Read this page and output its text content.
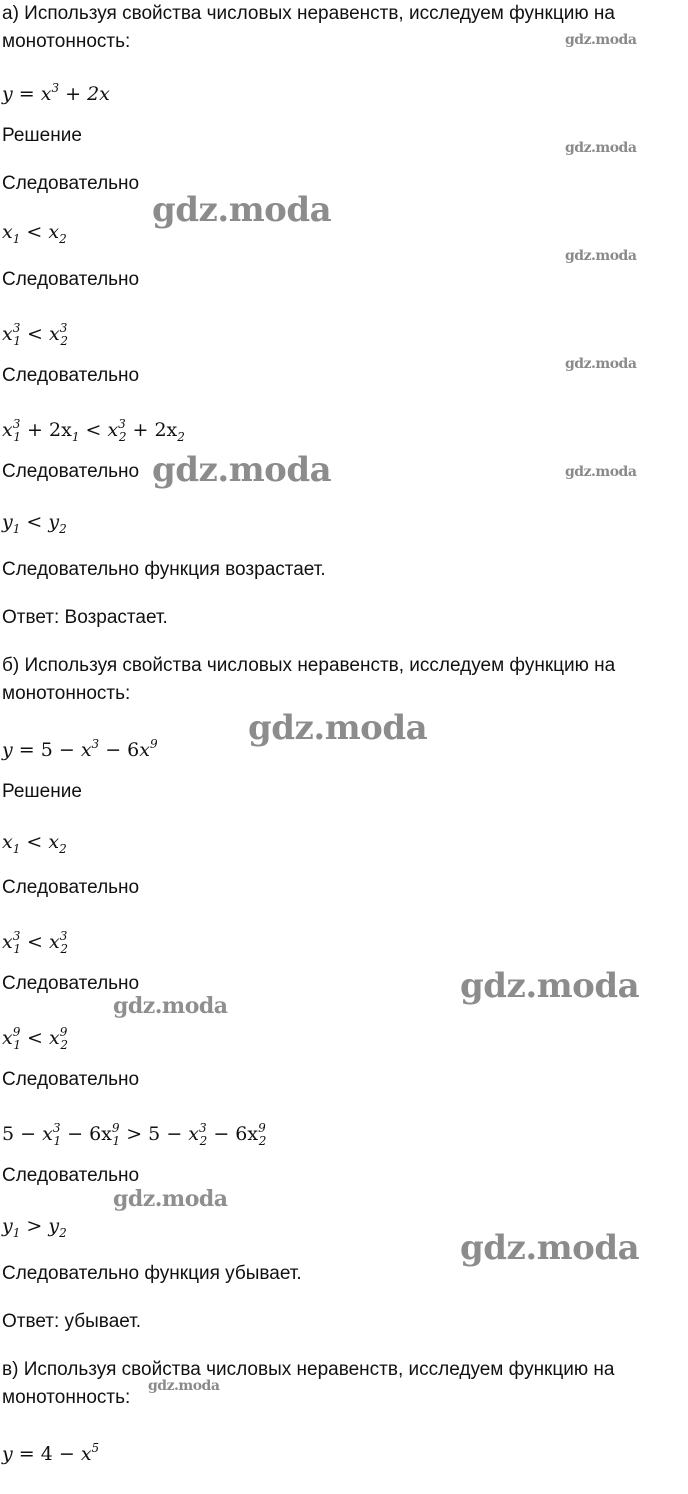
а) Используя свойства числовых неравенств, исследуем функцию на
монотонность:
$y = x^3 + 2x$
Решение
Следовательно
$x_1 < x_2$
Следовательно
$x^3_1 < x^3_2$
Следовательно
$x^3_1 + 2x_1 < x^3_2 + 2x_2$
Следовательно
$y_1 < y_2$
Следовательно функция возрастает.
Ответ: Возрастает.
б) Используя свойства числовых неравенств, исследуем функцию на
монотонность:
$y = 5 - x^3 - 6x^9$
Решение
$x_1 < x_2$
Следовательно
$x^3_1 < x^3_2$
Следовательно
$x^9_1 < x^9_2$
Следовательно
$5 - x^3_1 - 6x^9_1 > 5 - x^3_2 - 6x^9_2$
Следовательно
$y_1 > y_2$
Следовательно функция убывает.
Ответ: убывает.
в) Используя свойства числовых неравенств, исследуем функцию на
монотонность:
$y = 4 - x^5$
gdz.moda
gdz.moda
gdz.moda
gdz.moda
gdz.moda
gdz.moda	gdz.moda
gdz.moda
gdz.moda
gdz.moda
gdz.moda
gdz.moda
gdz.moda
